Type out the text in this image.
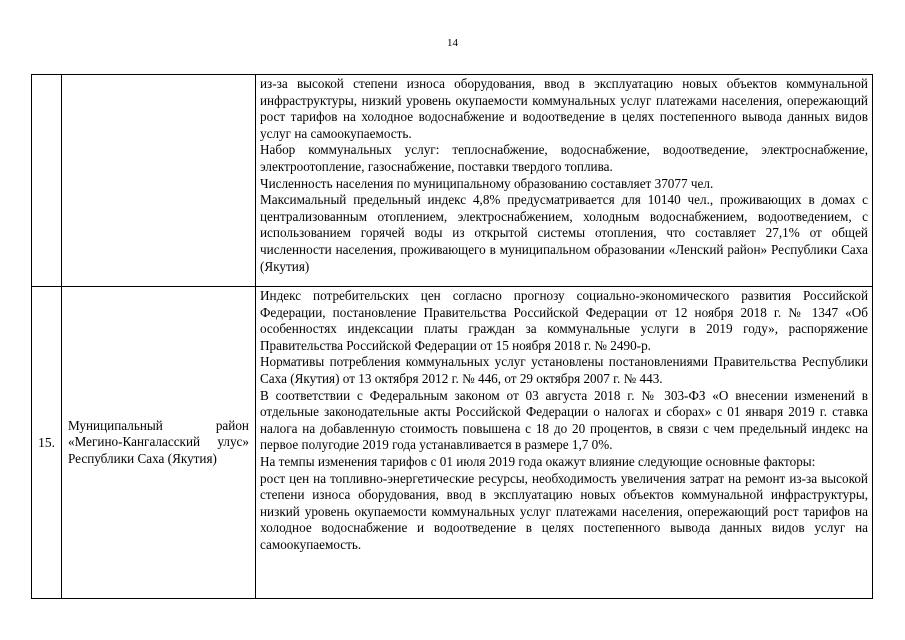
14

		из-за высокой степени износа оборудования, ввод в эксплуатацию новых объектов коммунальной инфраструктуры, низкий уровень окупаемости коммунальных услуг платежами населения, опережающий рост тарифов на холодное водоснабжение и водоотведение в целях постепенного вывода данных видов услуг на самоокупаемость.

Набор коммунальных услуг: теплоснабжение, водоснабжение, водоотведение, электроснабжение, электроотопление, газоснабжение, поставки твердого топлива.

Численность населения по муниципальному образованию составляет 37077 чел.

Максимальный предельный индекс 4,8% предусматривается для 10140 чел., проживающих в домах с централизованным отоплением, электроснабжением, холодным водоснабжением, водоотведением, с использованием горячей воды из открытой системы отопления, что составляет 27,1% от общей численности населения, проживающего в муниципальном образовании «Ленский район» Республики Саха (Якутия)

15.	Муниципальный район «Мегино-Кангаласский улус» Республики Саха (Якутия)	Индекс потребительских цен согласно прогнозу социально-экономического развития Российской Федерации, постановление Правительства Российской Федерации от 12 ноября 2018 г. № 1347 «Об особенностях индексации платы граждан за коммунальные услуги в 2019 году», распоряжение Правительства Российской Федерации от 15 ноября 2018 г. № 2490-р.

Нормативы потребления коммунальных услуг установлены постановлениями Правительства Республики Саха (Якутия) от 13 октября 2012 г. № 446, от 29 октября 2007 г. № 443.

В соответствии с Федеральным законом от 03 августа 2018 г. № 303-ФЗ «О внесении изменений в отдельные законодательные акты Российской Федерации о налогах и сборах» с 01 января 2019 г. ставка налога на добавленную стоимость повышена с 18 до 20 процентов, в связи с чем предельный индекс на первое полугодие 2019 года устанавливается в размере 1,7 0%.

На темпы изменения тарифов с 01 июля 2019 года окажут влияние следующие основные факторы:

рост цен на топливно-энергетические ресурсы, необходимость увеличения затрат на ремонт из-за высокой степени износа оборудования, ввод в эксплуатацию новых объектов коммунальной инфраструктуры, низкий уровень окупаемости коммунальных услуг платежами населения, опережающий рост тарифов на холодное водоснабжение и водоотведение в целях постепенного вывода данных видов услуг на самоокупаемость.
